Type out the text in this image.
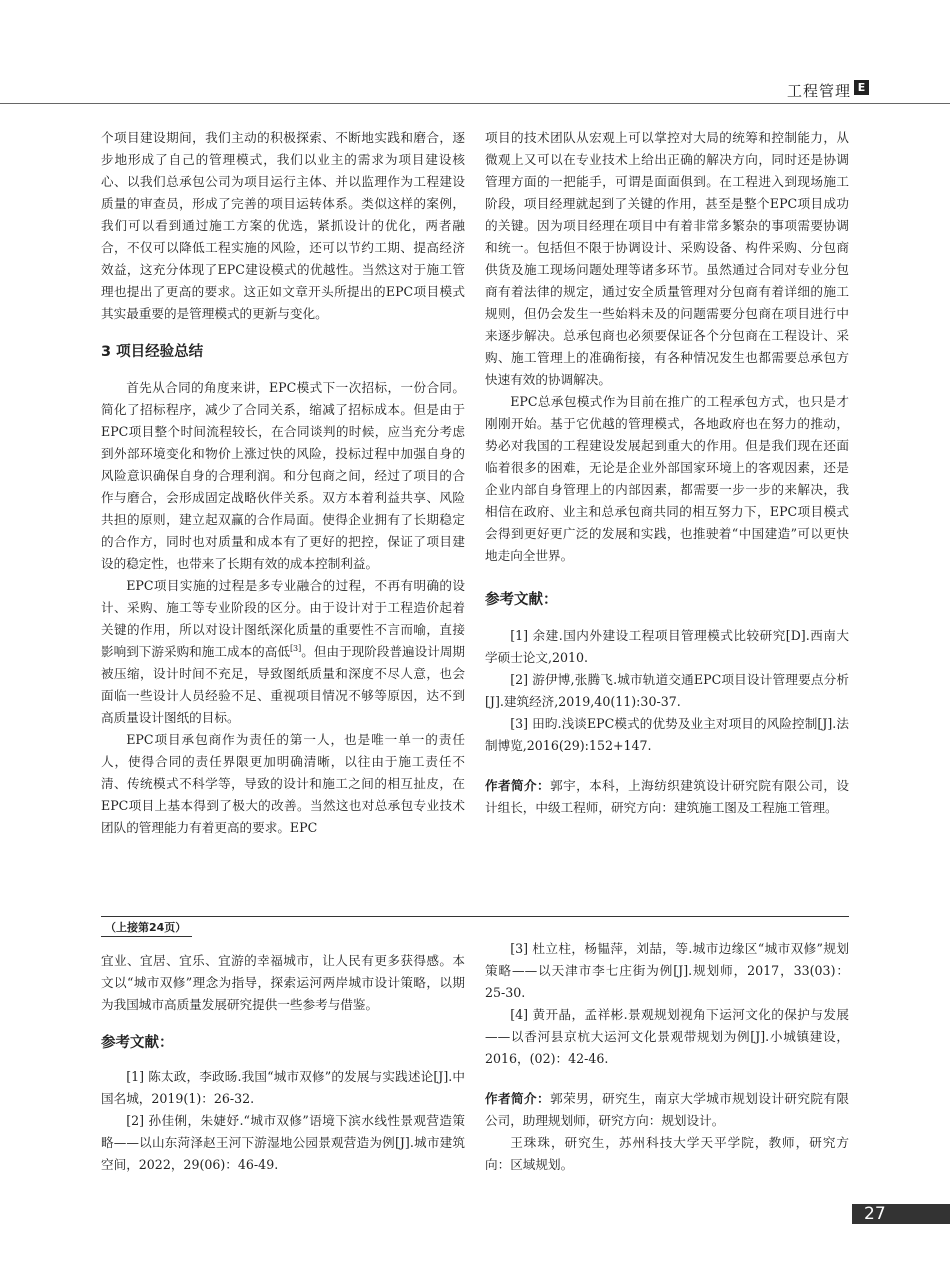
工程管理 E

个项目建设期间，我们主动的积极探索、不断地实践和磨合，逐步地形成了自己的管理模式，我们以业主的需求为项目建设核心、以我们总承包公司为项目运行主体、并以监理作为工程建设质量的审查员，形成了完善的项目运转体系。类似这样的案例，我们可以看到通过施工方案的优选，紧抓设计的优化，两者融合，不仅可以降低工程实施的风险，还可以节约工期、提高经济效益，这充分体现了EPC建设模式的优越性。当然这对于施工管理也提出了更高的要求。这正如文章开头所提出的EPC项目模式其实最重要的是管理模式的更新与变化。

3 项目经验总结

首先从合同的角度来讲，EPC模式下一次招标，一份合同。简化了招标程序，减少了合同关系，缩减了招标成本。但是由于EPC项目整个时间流程较长，在合同谈判的时候，应当充分考虑到外部环境变化和物价上涨过快的风险，投标过程中加强自身的风险意识确保自身的合理利润。和分包商之间，经过了项目的合作与磨合，会形成固定战略伙伴关系。双方本着利益共享、风险共担的原则，建立起双赢的合作局面。使得企业拥有了长期稳定的合作方，同时也对质量和成本有了更好的把控，保证了项目建设的稳定性，也带来了长期有效的成本控制利益。

EPC项目实施的过程是多专业融合的过程，不再有明确的设计、采购、施工等专业阶段的区分。由于设计对于工程造价起着关键的作用，所以对设计图纸深化质量的重要性不言而喻，直接影响到下游采购和施工成本的高低[3]。但由于现阶段普遍设计周期被压缩，设计时间不充足，导致图纸质量和深度不尽人意，也会面临一些设计人员经验不足、重视项目情况不够等原因，达不到高质量设计图纸的目标。

EPC项目承包商作为责任的第一人，也是唯一单一的责任人，使得合同的责任界限更加明确清晰，以往由于施工责任不清、传统模式不科学等，导致的设计和施工之间的相互扯皮，在EPC项目上基本得到了极大的改善。当然这也对总承包专业技术团队的管理能力有着更高的要求。EPC

项目的技术团队从宏观上可以掌控对大局的统筹和控制能力，从微观上又可以在专业技术上给出正确的解决方向，同时还是协调管理方面的一把能手，可谓是面面俱到。在工程进入到现场施工阶段，项目经理就起到了关键的作用，甚至是整个EPC项目成功的关键。因为项目经理在项目中有着非常多繁杂的事项需要协调和统一。包括但不限于协调设计、采购设备、构件采购、分包商供货及施工现场问题处理等诸多环节。虽然通过合同对专业分包商有着法律的规定，通过安全质量管理对分包商有着详细的施工规则，但仍会发生一些始料未及的问题需要分包商在项目进行中来逐步解决。总承包商也必须要保证各个分包商在工程设计、采购、施工管理上的准确衔接，有各种情况发生也都需要总承包方快速有效的协调解决。

EPC总承包模式作为目前在推广的工程承包方式，也只是才刚刚开始。基于它优越的管理模式，各地政府也在努力的推动，势必对我国的工程建设发展起到重大的作用。但是我们现在还面临着很多的困难，无论是企业外部国家环境上的客观因素，还是企业内部自身管理上的内部因素，都需要一步一步的来解决，我相信在政府、业主和总承包商共同的相互努力下，EPC项目模式会得到更好更广泛的发展和实践，也推驶着“中国建造”可以更快地走向全世界。

参考文献：

[1] 余建.国内外建设工程项目管理模式比较研究[D].西南大学硕士论文,2010.

[2] 游伊博,张腾飞.城市轨道交通EPC项目设计管理要点分析[J].建筑经济,2019,40(11):30-37.

[3] 田昀.浅谈EPC模式的优势及业主对项目的风险控制[J].法制博览,2016(29):152+147.

作者简介：郭宇，本科，上海纺织建筑设计研究院有限公司，设计组长，中级工程师，研究方向：建筑施工图及工程施工管理。

（上接第24页）

宜业、宜居、宜乐、宜游的幸福城市，让人民有更多获得感。本文以“城市双修”理念为指导，探索运河两岸城市设计策略，以期为我国城市高质量发展研究提供一些参考与借鉴。

参考文献：

[1] 陈太政，李政旸.我国“城市双修”的发展与实践述论[J].中国名城，2019(1)：26-32.

[2] 孙佳俐，朱婕妤.“城市双修”语境下滨水线性景观营造策略——以山东菏泽赵王河下游湿地公园景观营造为例[J].城市建筑空间，2022，29(06)：46-49.

[3] 杜立柱，杨韫萍，刘喆，等.城市边缘区“城市双修”规划策略——以天津市李七庄街为例[J].规划师，2017，33(03)：25-30.

[4] 黄开晶，孟祥彬.景观规划视角下运河文化的保护与发展——以香河县京杭大运河文化景观带规划为例[J].小城镇建设，2016，(02)：42-46.

作者简介：郭荣男，研究生，南京大学城市规划设计研究院有限公司，助理规划师，研究方向：规划设计。

王珠珠，研究生，苏州科技大学天平学院，教师，研究方向：区域规划。

27
